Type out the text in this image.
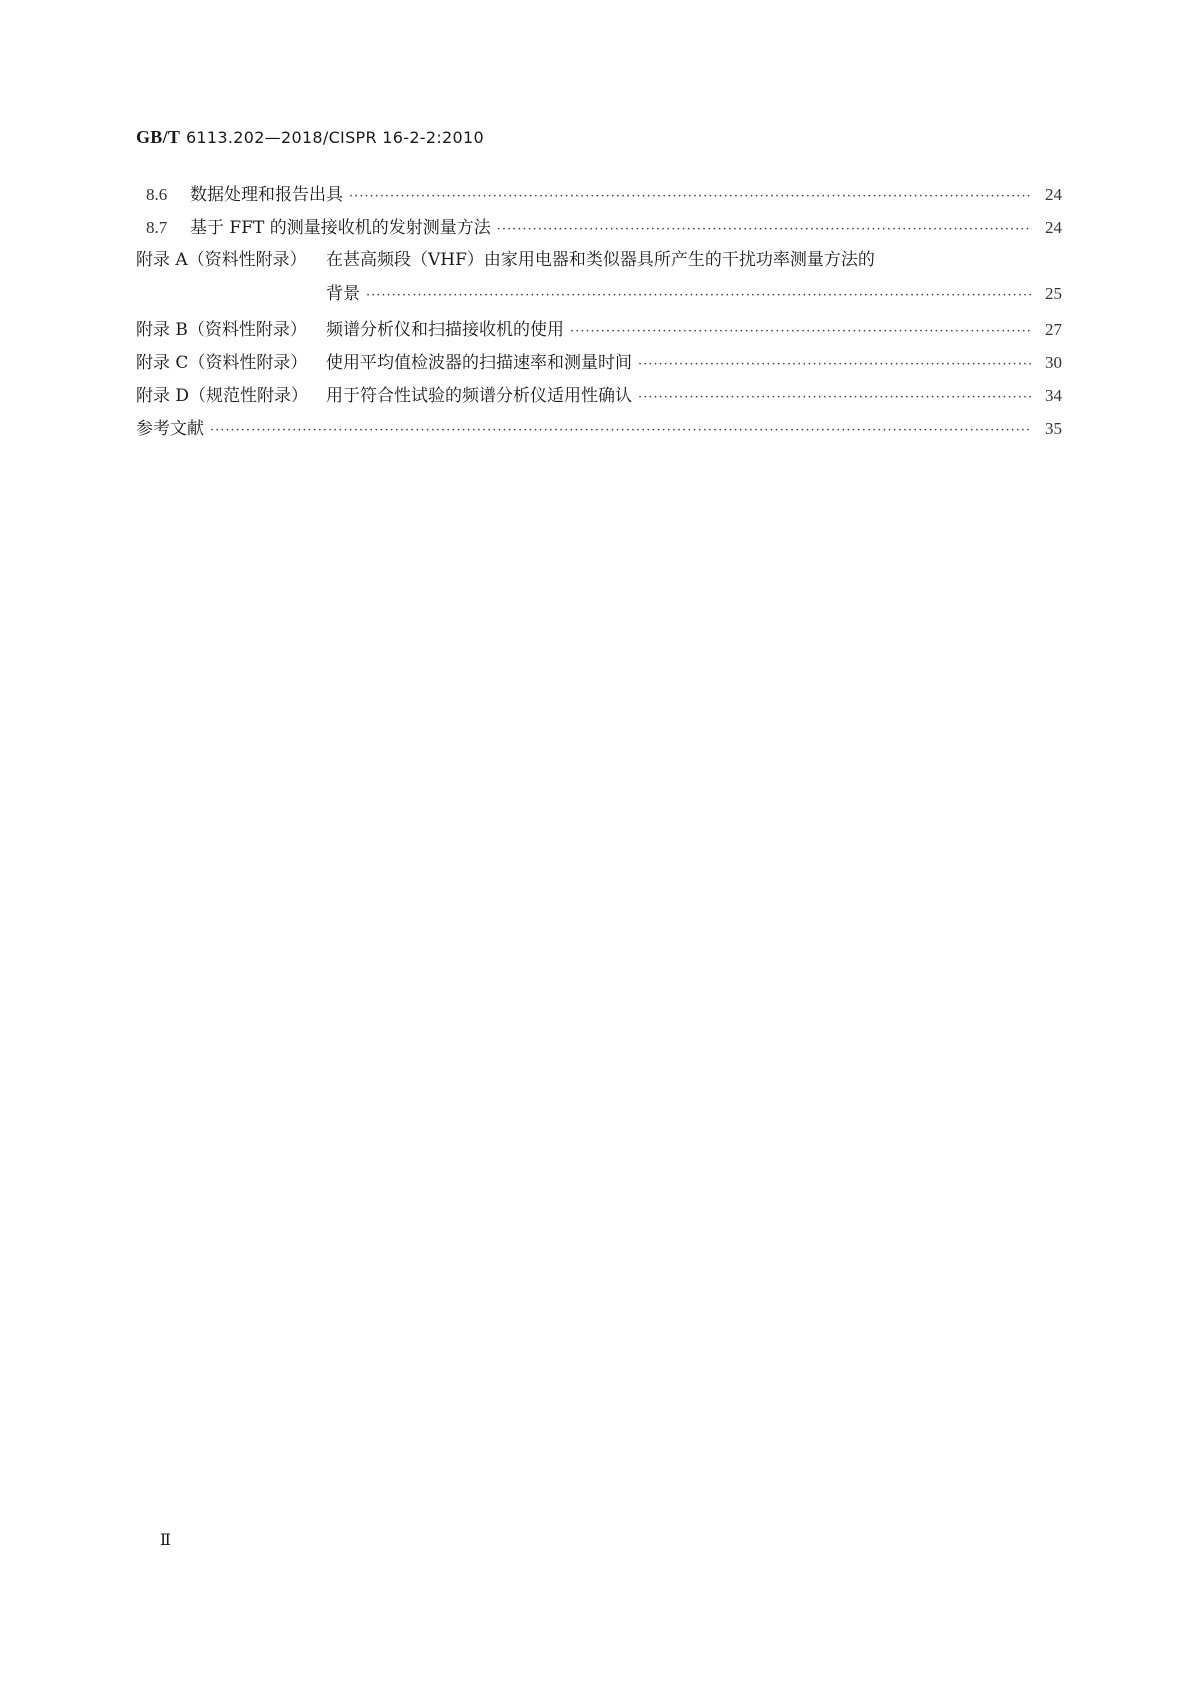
GB/T 6113.202—2018/CISPR 16-2-2:2010
8.6	数据处理和报告出具 ·····	24
8.7	基于 FFT 的测量接收机的发射测量方法 ·····	24
附录 A（资料性附录）	在甚高频段（VHF）由家用电器和类似器具所产生的干扰功率测量方法的
背景 ·····	25
附录 B（资料性附录）	频谱分析仪和扫描接收机的使用 ·····	27
附录 C（资料性附录）	使用平均值检波器的扫描速率和测量时间 ·····	30
附录 D（规范性附录）	用于符合性试验的频谱分析仪适用性确认 ·····	34
参考文献 ·····	35
Ⅱ
